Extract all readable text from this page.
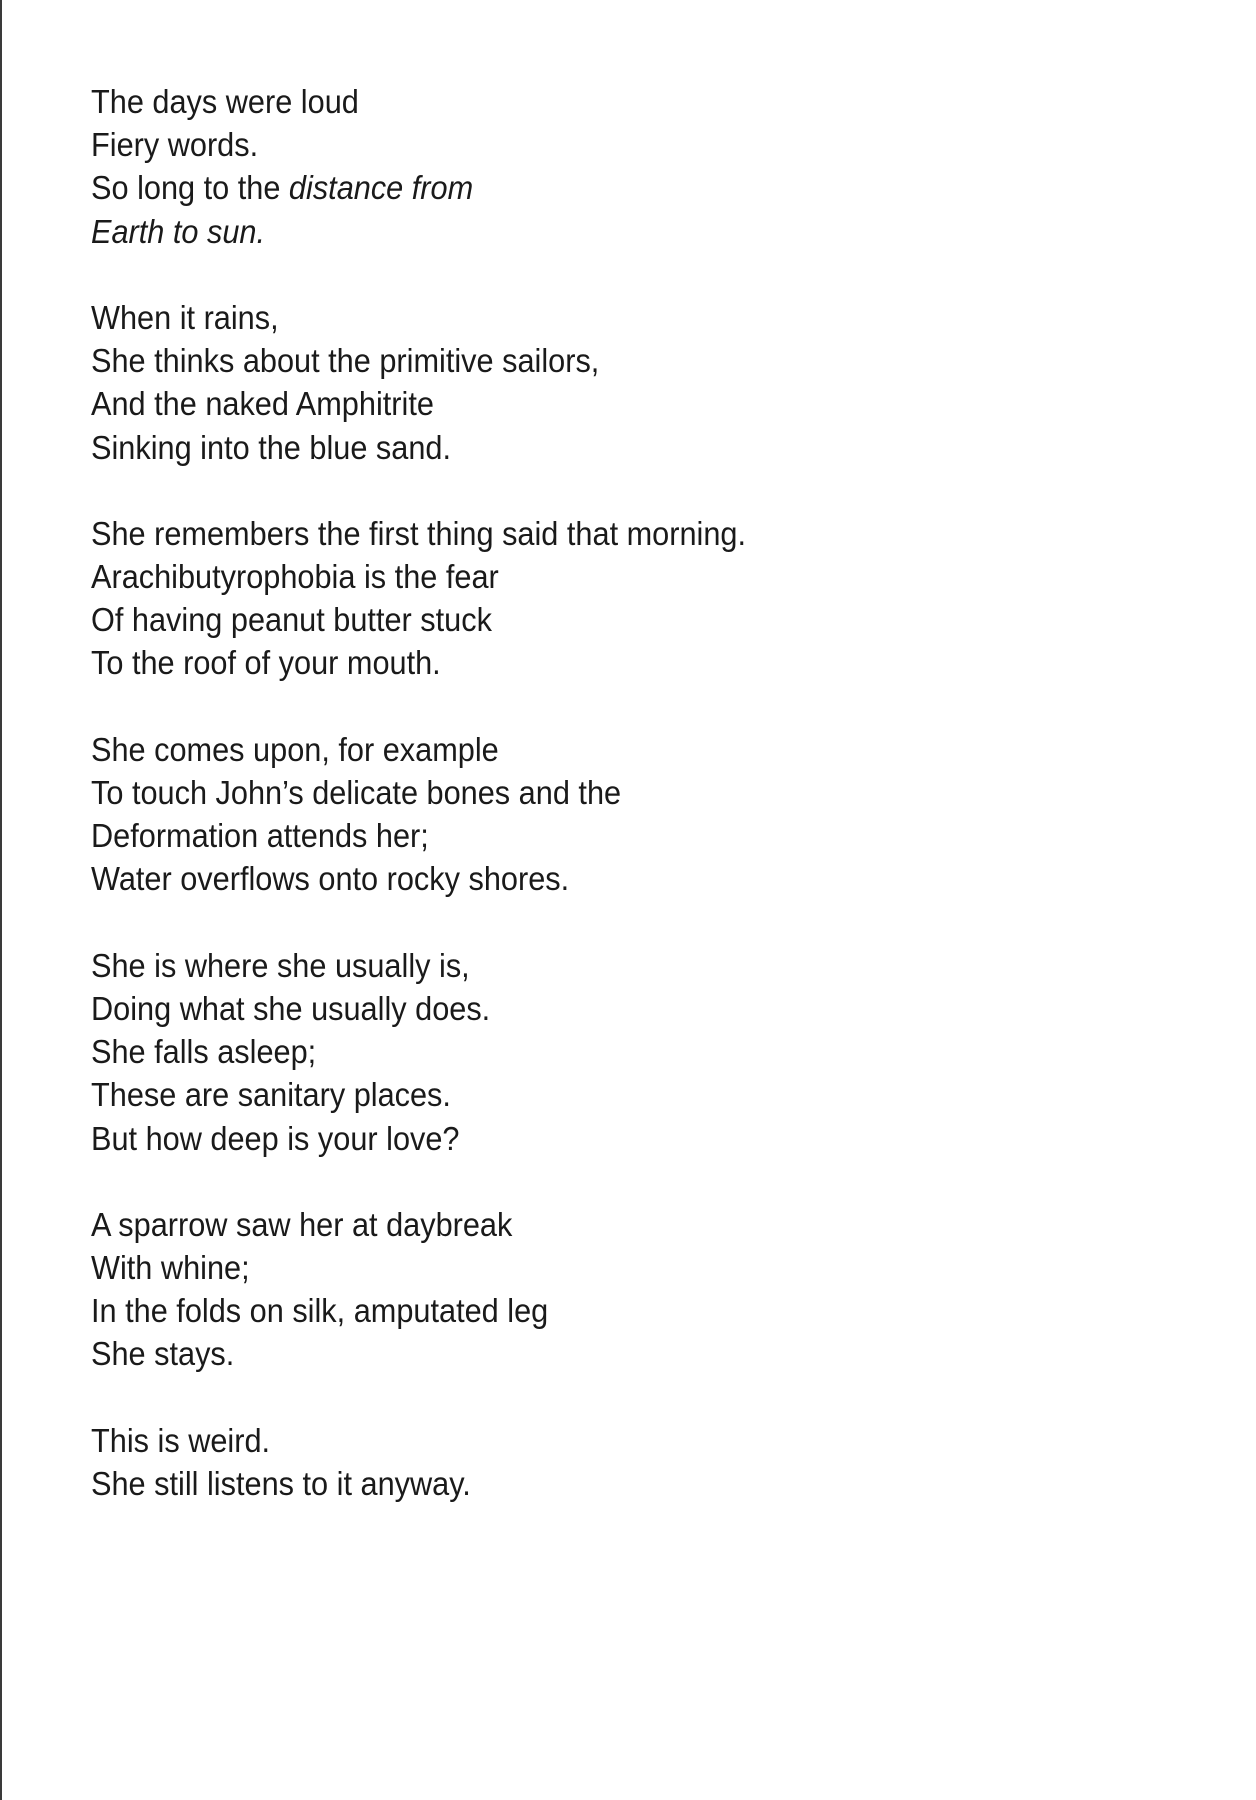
The days were loud
Fiery words.
So long to the distance from
Earth to sun.
When it rains,
She thinks about the primitive sailors,
And the naked Amphitrite
Sinking into the blue sand.
She remembers the first thing said that morning.
Arachibutyrophobia is the fear
Of having peanut butter stuck
To the roof of your mouth.
She comes upon, for example
To touch John’s delicate bones and the
Deformation attends her;
Water overflows onto rocky shores.
She is where she usually is,
Doing what she usually does.
She falls asleep;
These are sanitary places.
But how deep is your love?
A sparrow saw her at daybreak
With whine;
In the folds on silk, amputated leg
She stays.
This is weird.
She still listens to it anyway.
